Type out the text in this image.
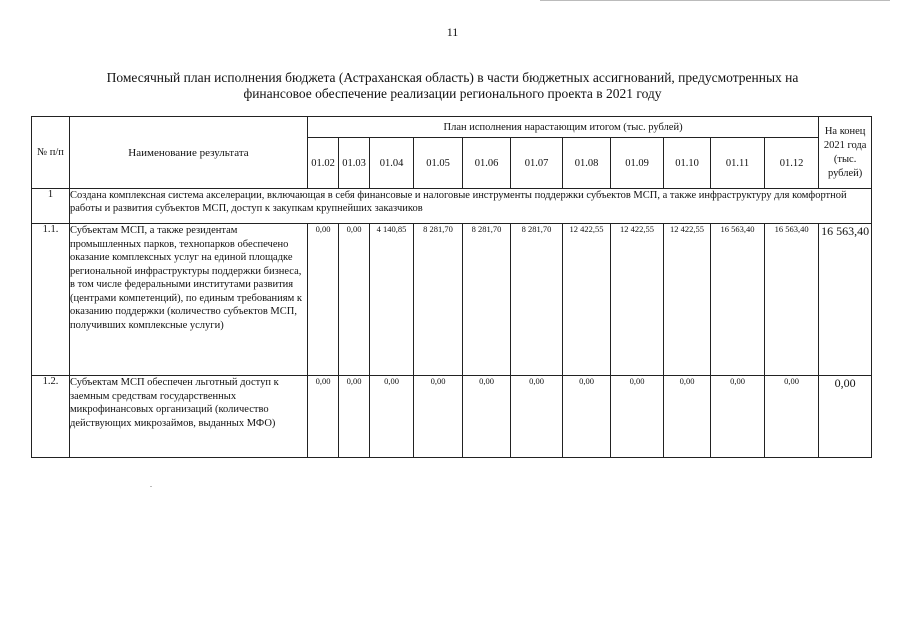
11
Помесячный план исполнения бюджета (Астраханская область) в части бюджетных ассигнований, предусмотренных на
финансовое обеспечение реализации регионального проекта в 2021 году
№ п/п	Наименование результата	План исполнения нарастающим итогом (тыс. рублей)											На конец 2021 года (тыс. рублей)
		01.02	01.03	01.04	01.05	01.06	01.07	01.08	01.09	01.10	01.11	01.12	
1	Создана комплексная система акселерации, включающая в себя финансовые и налоговые инструменты поддержки субъектов МСП, а также инфраструктуру для комфортной работы и развития субъектов МСП, доступ к закупкам крупнейших заказчиков												
1.1.	Субъектам МСП, а также резидентам промышленных парков, технопарков обеспечено оказание комплексных услуг на единой площадке региональной инфраструктуры поддержки бизнеса, в том числе федеральными институтами развития (центрами компетенций), по единым требованиям к оказанию поддержки (количество субъектов МСП, получивших комплексные услуги)	0,00	0,00	4 140,85	8 281,70	8 281,70	8 281,70	12 422,55	12 422,55	12 422,55	16 563,40	16 563,40	16 563,40
1.2.	Субъектам МСП обеспечен льготный доступ к заемным средствам государственных микрофинансовых организаций (количество действующих микрозаймов, выданных МФО)	0,00	0,00	0,00	0,00	0,00	0,00	0,00	0,00	0,00	0,00	0,00	0,00
